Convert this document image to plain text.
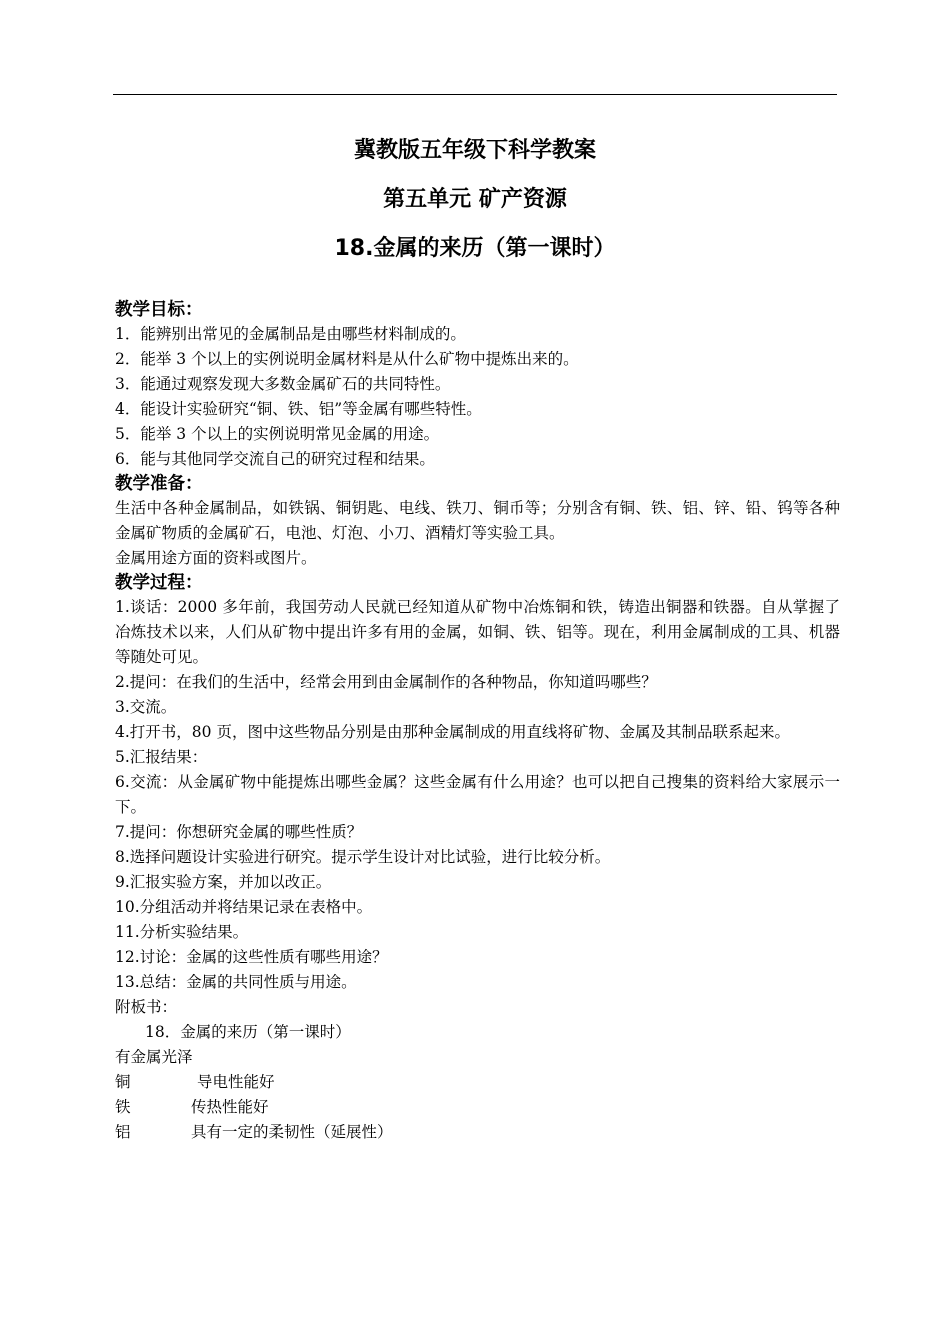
冀教版五年级下科学教案
第五单元 矿产资源
18.金属的来历（第一课时）
教学目标：
1．能辨别出常见的金属制品是由哪些材料制成的。
2．能举 3 个以上的实例说明金属材料是从什么矿物中提炼出来的。
3．能通过观察发现大多数金属矿石的共同特性。
4．能设计实验研究“铜、铁、铝”等金属有哪些特性。
5．能举 3 个以上的实例说明常见金属的用途。
6．能与其他同学交流自己的研究过程和结果。
教学准备：
生活中各种金属制品，如铁锅、铜钥匙、电线、铁刀、铜币等；分别含有铜、铁、铝、锌、铅、钨等各种金属矿物质的金属矿石，电池、灯泡、小刀、酒精灯等实验工具。
金属用途方面的资料或图片。
教学过程：
1.谈话：2000 多年前，我国劳动人民就已经知道从矿物中冶炼铜和铁，铸造出铜器和铁器。自从掌握了冶炼技术以来，人们从矿物中提出许多有用的金属，如铜、铁、铝等。现在，利用金属制成的工具、机器等随处可见。
2.提问：在我们的生活中，经常会用到由金属制作的各种物品，你知道吗哪些？
3.交流。
4.打开书，80 页，图中这些物品分别是由那种金属制成的用直线将矿物、金属及其制品联系起来。
5.汇报结果：
6.交流：从金属矿物中能提炼出哪些金属？这些金属有什么用途？也可以把自己搜集的资料给大家展示一下。
7.提问：你想研究金属的哪些性质？
8.选择问题设计实验进行研究。提示学生设计对比试验，进行比较分析。
9.汇报实验方案，并加以改正。
10.分组活动并将结果记录在表格中。
11.分析实验结果。
12.讨论：金属的这些性质有哪些用途？
13.总结：金属的共同性质与用途。
附板书：
18．金属的来历（第一课时）
有金属光泽
铜	导电性能好
铁	传热性能好
铝	具有一定的柔韧性（延展性）
